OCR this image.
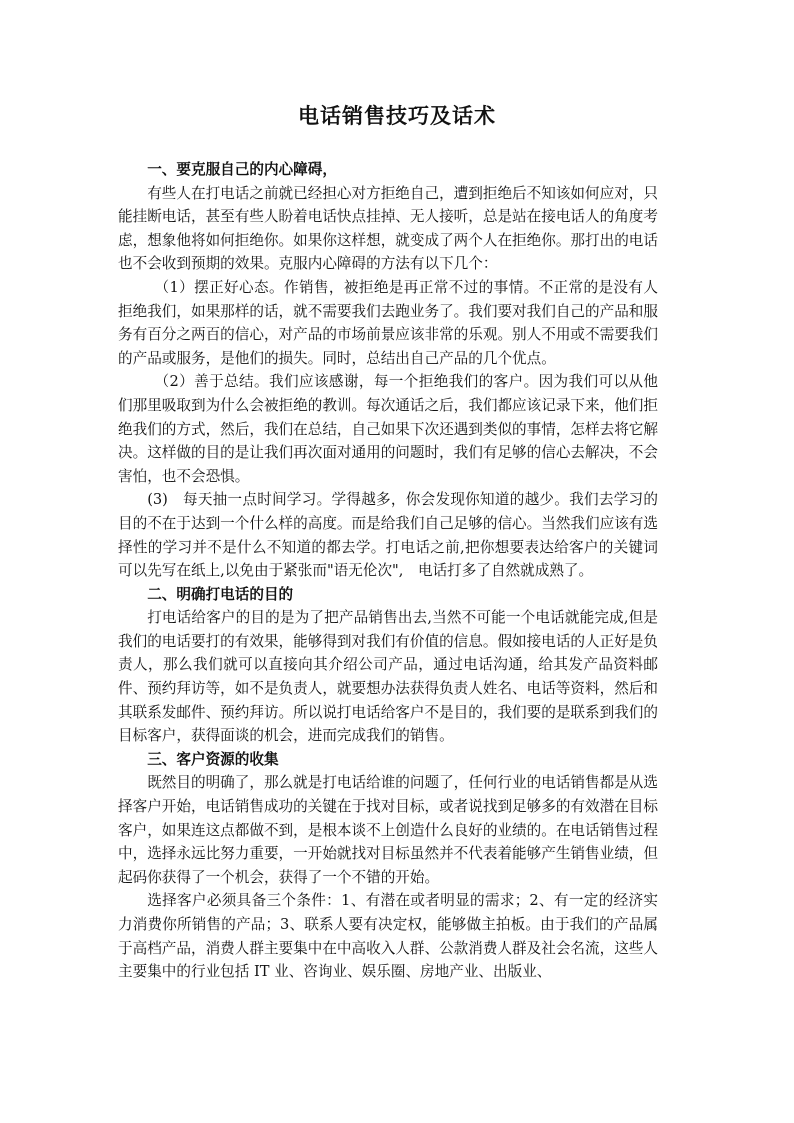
电话销售技巧及话术

一、要克服自己的内心障碍，

有些人在打电话之前就已经担心对方拒绝自己，遭到拒绝后不知该如何应对，只能挂断电话，甚至有些人盼着电话快点挂掉、无人接听，总是站在接电话人的角度考虑，想象他将如何拒绝你。如果你这样想，就变成了两个人在拒绝你。那打出的电话也不会收到预期的效果。克服内心障碍的方法有以下几个：

（1）摆正好心态。作销售，被拒绝是再正常不过的事情。不正常的是没有人拒绝我们，如果那样的话，就不需要我们去跑业务了。我们要对我们自己的产品和服务有百分之两百的信心，对产品的市场前景应该非常的乐观。别人不用或不需要我们的产品或服务，是他们的损失。同时，总结出自己产品的几个优点。

（2）善于总结。我们应该感谢，每一个拒绝我们的客户。因为我们可以从他们那里吸取到为什么会被拒绝的教训。每次通话之后，我们都应该记录下来，他们拒绝我们的方式，然后，我们在总结，自己如果下次还遇到类似的事情，怎样去将它解决。这样做的目的是让我们再次面对通用的问题时，我们有足够的信心去解决，不会害怕，也不会恐惧。

(3)　每天抽一点时间学习。学得越多，你会发现你知道的越少。我们去学习的目的不在于达到一个什么样的高度。而是给我们自己足够的信心。当然我们应该有选择性的学习并不是什么不知道的都去学。打电话之前,把你想要表达给客户的关键词可以先写在纸上,以免由于紧张而"语无伦次",　电话打多了自然就成熟了。

二、明确打电话的目的

打电话给客户的目的是为了把产品销售出去,当然不可能一个电话就能完成,但是我们的电话要打的有效果，能够得到对我们有价值的信息。假如接电话的人正好是负责人，那么我们就可以直接向其介绍公司产品，通过电话沟通，给其发产品资料邮件、预约拜访等，如不是负责人，就要想办法获得负责人姓名、电话等资料，然后和其联系发邮件、预约拜访。所以说打电话给客户不是目的，我们要的是联系到我们的目标客户，获得面谈的机会，进而完成我们的销售。

三、客户资源的收集

既然目的明确了，那么就是打电话给谁的问题了，任何行业的电话销售都是从选择客户开始，电话销售成功的关键在于找对目标，或者说找到足够多的有效潜在目标客户，如果连这点都做不到，是根本谈不上创造什么良好的业绩的。在电话销售过程中，选择永远比努力重要，一开始就找对目标虽然并不代表着能够产生销售业绩，但起码你获得了一个机会，获得了一个不错的开始。

选择客户必须具备三个条件：1、有潜在或者明显的需求；2、有一定的经济实力消费你所销售的产品；3、联系人要有决定权，能够做主拍板。由于我们的产品属于高档产品，消费人群主要集中在中高收入人群、公款消费人群及社会名流，这些人主要集中的行业包括 IT 业、咨询业、娱乐圈、房地产业、出版业、
